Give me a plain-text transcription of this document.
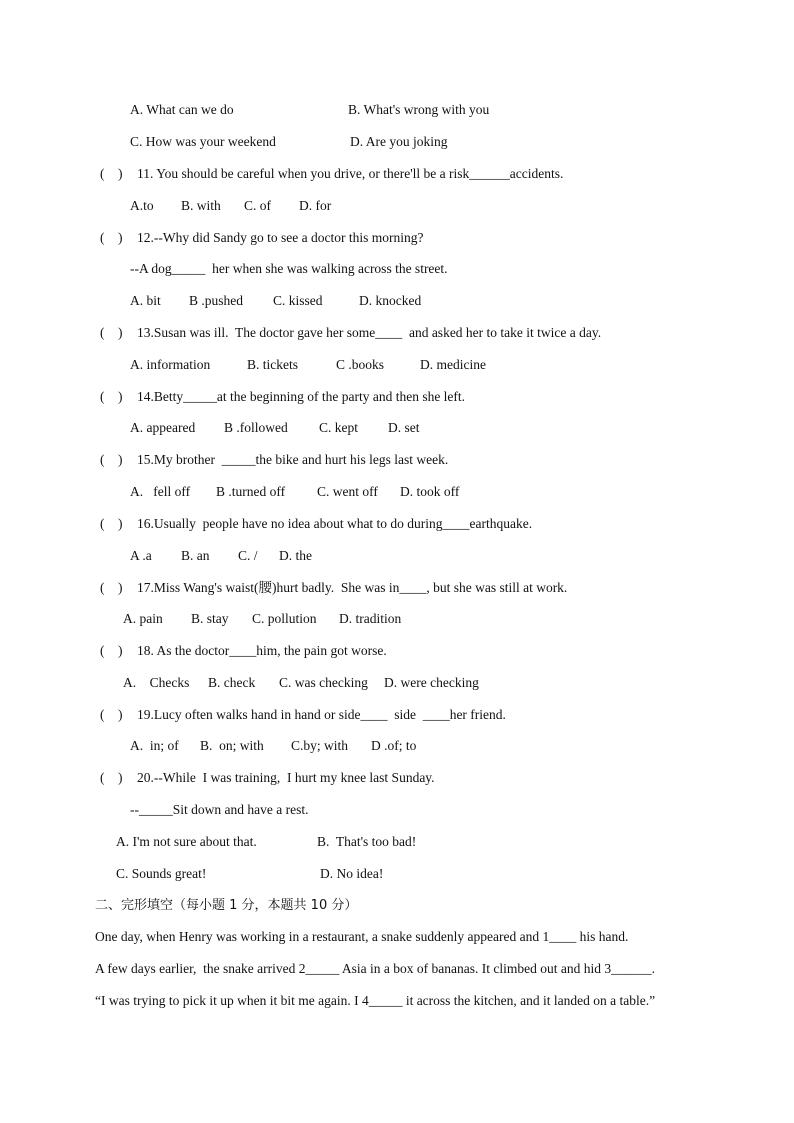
A. What can we do	B. What's wrong with you
C. How was your weekend	D. Are you joking
(    ) 11. You should be careful when you drive, or there'll be a risk______accidents.
A.to B. with C. of D. for
(    ) 12.--Why did Sandy go to see a doctor this morning?
--A dog_____  her when she was walking across the street.
A. bit B .pushed C. kissed	D. knocked
(    ) 13.Susan was ill.  The doctor gave her some____  and asked her to take it twice a day.
A. information	B. tickets	C .books	D. medicine
(    ) 14.Betty_____at the beginning of the party and then she left.
A. appeared B .followed C. kept D. set
(    ) 15.My brother  _____the bike and hurt his legs last week.
A.   fell off B .turned off C. went off D. took off
(    ) 16.Usually  people have no idea about what to do during____earthquake.
A .a B. an C. / D. the
(    ) 17.Miss Wang's waist(腰)hurt badly.  She was in____, but she was still at work.
A. pain B. stay C. pollution D. tradition
(    ) 18. As the doctor____him, the pain got worse.
A.    Checks B. check C. was checking D. were checking
(    ) 19.Lucy often walks hand in hand or side____  side  ____her friend.
A.  in; of B.  on; with C.by; with D .of; to
(    ) 20.--While  I was training,  I hurt my knee last Sunday.
--_____Sit down and have a rest.
A. I'm not sure about that.	B.  That's too bad!
C. Sounds great!	D. No idea!
二、完形填空（每小题 1 分，本题共 10 分）
One day, when Henry was working in a restaurant, a snake suddenly appeared and 1____ his hand.
A few days earlier,  the snake arrived 2_____ Asia in a box of bananas. It climbed out and hid 3______.
“I was trying to pick it up when it bit me again. I 4_____ it across the kitchen, and it landed on a table.”
